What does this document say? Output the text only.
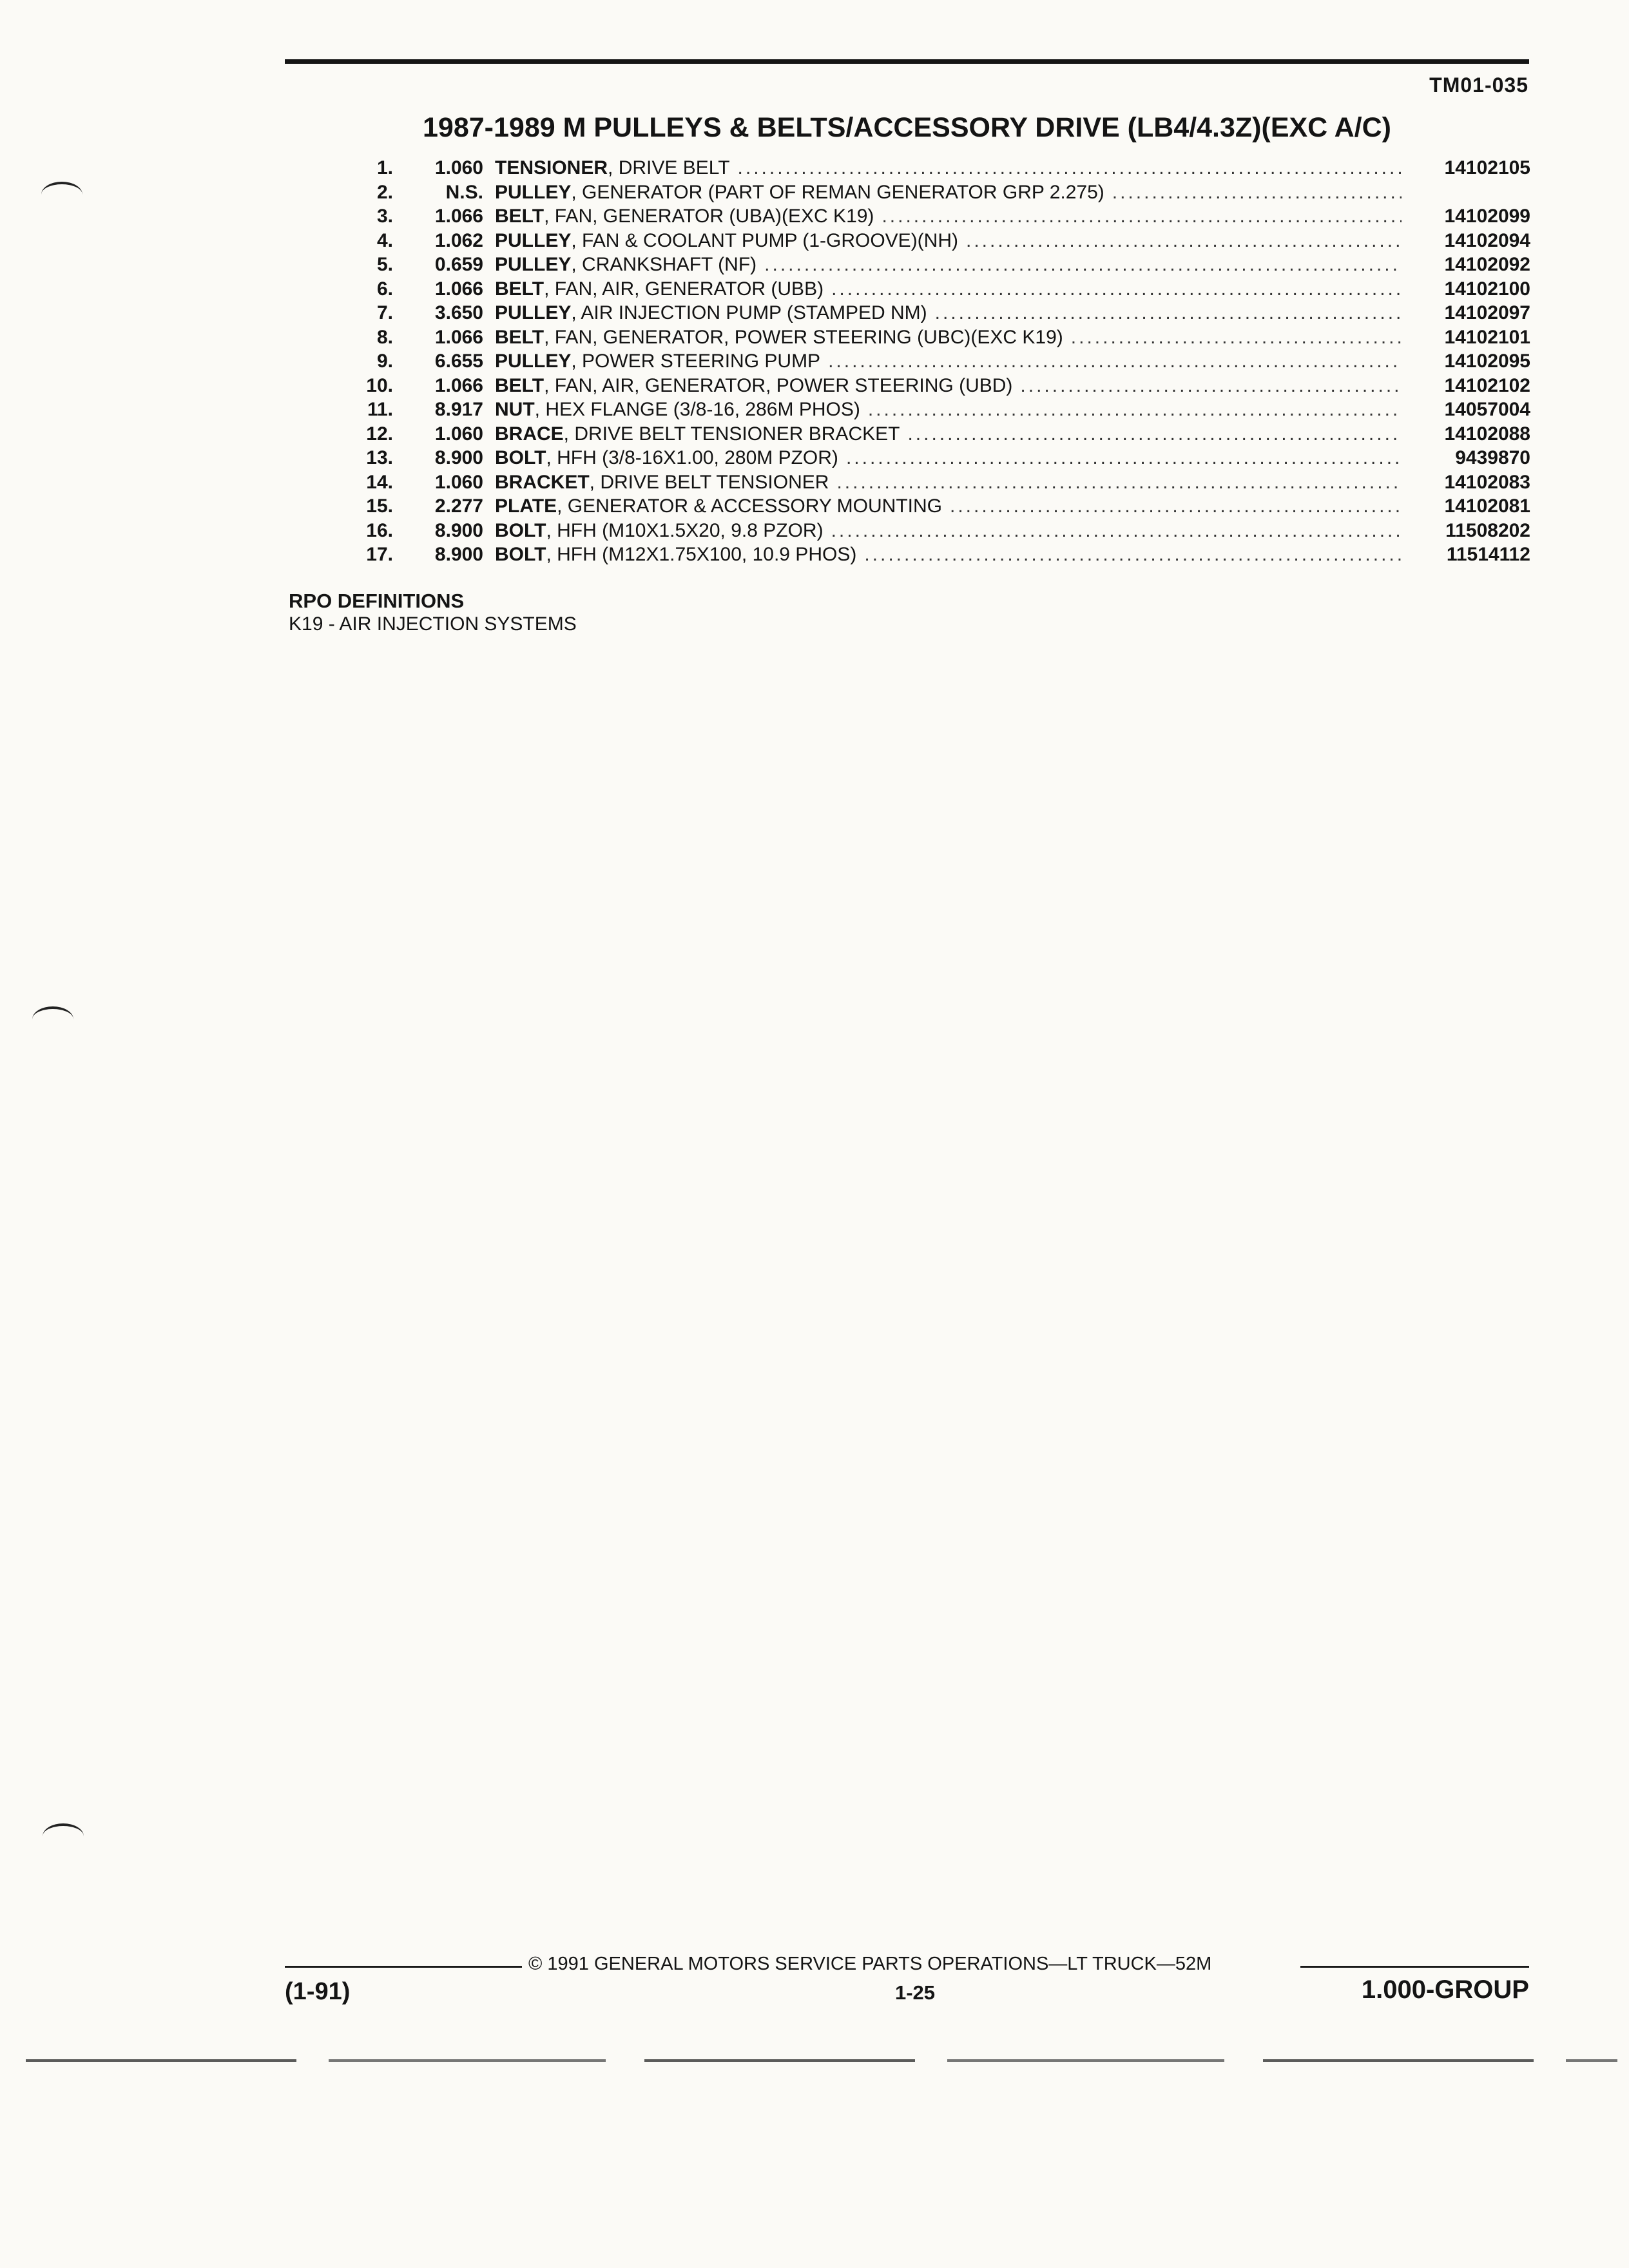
TM01-035
1987-1989 M PULLEYS & BELTS/ACCESSORY DRIVE (LB4/4.3Z)(EXC A/C)
1.	1.060 TENSIONER, DRIVE BELT .....	14102105
2.	N.S. PULLEY, GENERATOR (PART OF REMAN GENERATOR GRP 2.275)
.....
3.	1.066 BELT, FAN, GENERATOR (UBA)(EXC K19) .....	14102099
4.	1.062 PULLEY, FAN & COOLANT PUMP (1-GROOVE)(NH) .....	14102094
5.	0.659 PULLEY, CRANKSHAFT (NF) .....	14102092
6.	1.066 BELT, FAN, AIR, GENERATOR (UBB) .....	14102100
7.	3.650 PULLEY, AIR INJECTION PUMP (STAMPED NM) .....	14102097
8.	1.066 BELT, FAN, GENERATOR, POWER STEERING (UBC)(EXC K19) .....	14102101
9.	6.655 PULLEY, POWER STEERING PUMP .....	14102095
10.	1.066 BELT, FAN, AIR, GENERATOR, POWER STEERING (UBD) .....	14102102
11.	8.917 NUT, HEX FLANGE (3/8-16, 286M PHOS) .....	14057004
12.	1.060 BRACE, DRIVE BELT TENSIONER BRACKET .....	14102088
13.	8.900 BOLT, HFH (3/8-16X1.00, 280M PZOR) .....	9439870
14.	1.060 BRACKET, DRIVE BELT TENSIONER .....	14102083
15.	2.277 PLATE, GENERATOR & ACCESSORY MOUNTING .....	14102081
16.	8.900 BOLT, HFH (M10X1.5X20, 9.8 PZOR) .....	11508202
17.	8.900 BOLT, HFH (M12X1.75X100, 10.9 PHOS) .....	11514112
RPO DEFINITIONS
K19 - AIR INJECTION SYSTEMS
© 1991 GENERAL MOTORS SERVICE PARTS OPERATIONS—LT TRUCK—52M
(1-91)	1-25	1.000-GROUP
